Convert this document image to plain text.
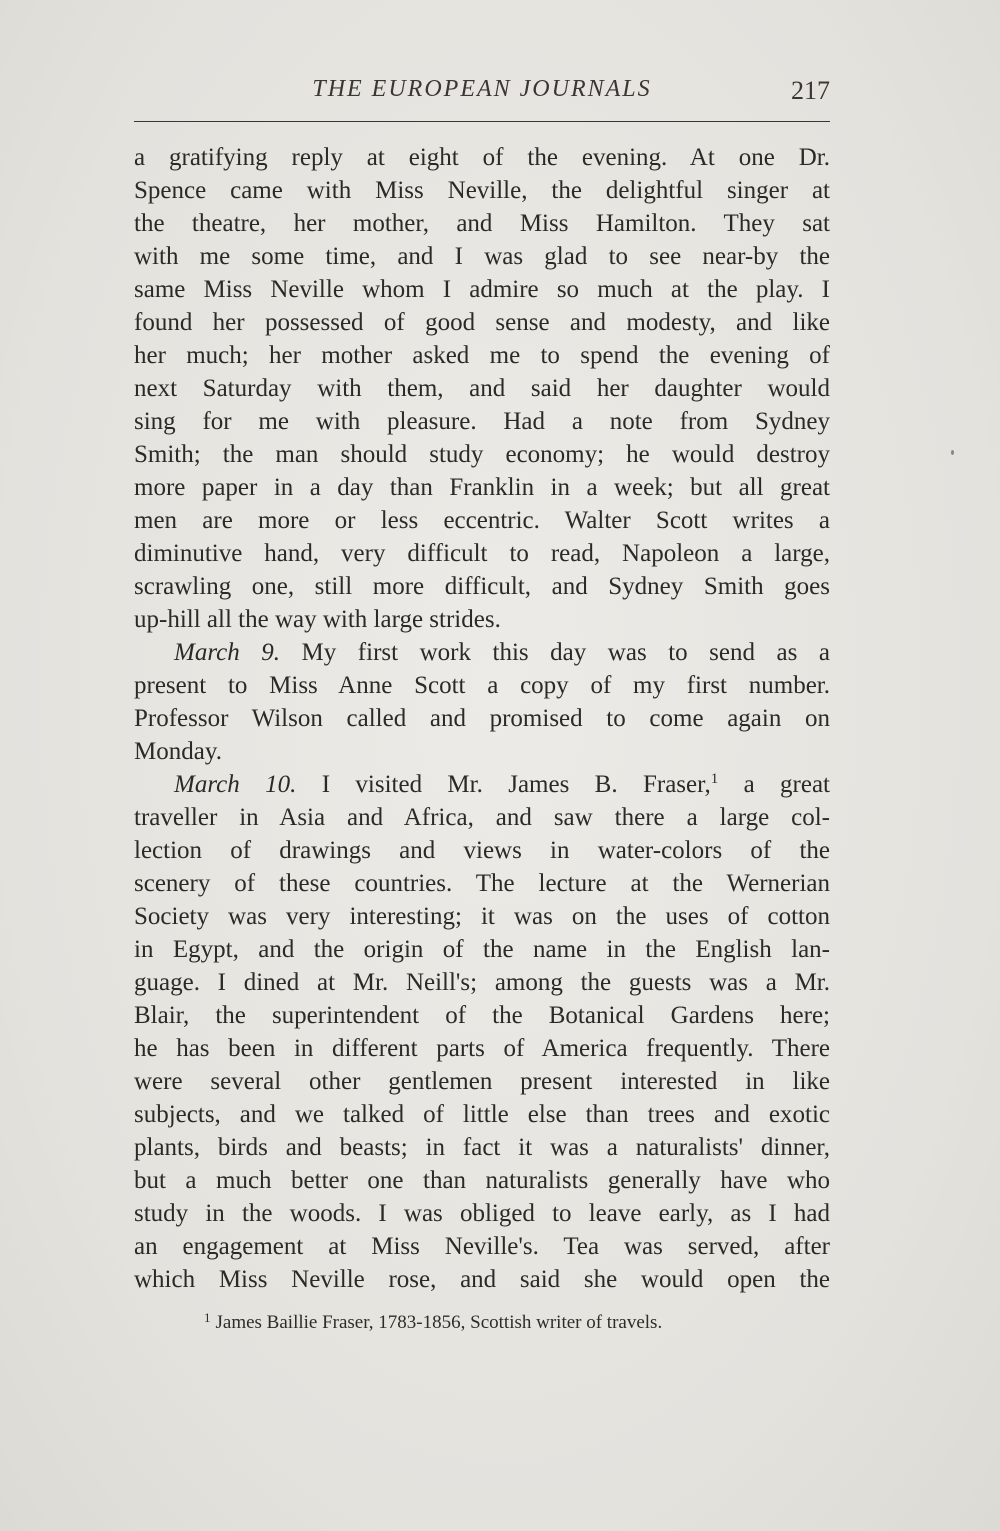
THE EUROPEAN JOURNALS	217
a gratifying reply at eight of the evening. At one Dr.
Spence came with Miss Neville, the delightful singer at
the theatre, her mother, and Miss Hamilton. They sat
with me some time, and I was glad to see near-by the
same Miss Neville whom I admire so much at the play. I
found her possessed of good sense and modesty, and like
her much; her mother asked me to spend the evening of
next Saturday with them, and said her daughter would
sing for me with pleasure. Had a note from Sydney
Smith; the man should study economy; he would destroy
more paper in a day than Franklin in a week; but all great
men are more or less eccentric. Walter Scott writes a
diminutive hand, very difficult to read, Napoleon a large,
scrawling one, still more difficult, and Sydney Smith goes
up-hill all the way with large strides.
March 9. My first work this day was to send as a
present to Miss Anne Scott a copy of my first number.
Professor Wilson called and promised to come again on
Monday.
March 10. I visited Mr. James B. Fraser,$^1$ a great
traveller in Asia and Africa, and saw there a large col-
lection of drawings and views in water-colors of the
scenery of these countries. The lecture at the Wernerian
Society was very interesting; it was on the uses of cotton
in Egypt, and the origin of the name in the English lan-
guage. I dined at Mr. Neill's; among the guests was a Mr.
Blair, the superintendent of the Botanical Gardens here;
he has been in different parts of America frequently. There
were several other gentlemen present interested in like
subjects, and we talked of little else than trees and exotic
plants, birds and beasts; in fact it was a naturalists' dinner,
but a much better one than naturalists generally have who
study in the woods. I was obliged to leave early, as I had
an engagement at Miss Neville's. Tea was served, after
which Miss Neville rose, and said she would open the
$^1$ James Baillie Fraser, 1783-1856, Scottish writer of travels.
